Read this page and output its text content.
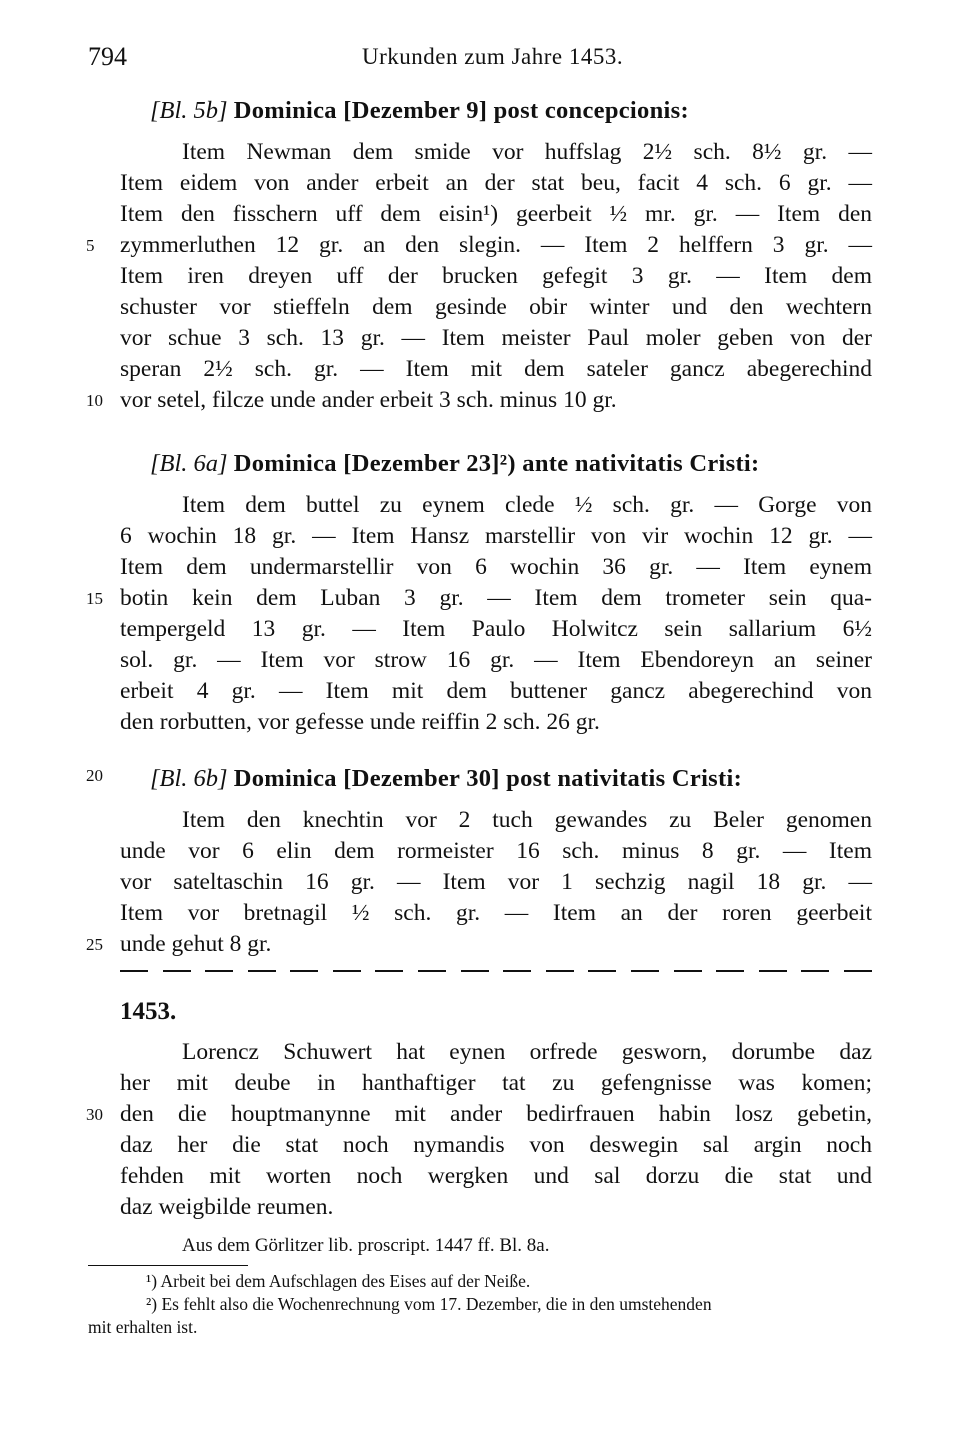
794	Urkunden zum Jahre 1453.
[Bl. 5b] Dominica [Dezember 9] post concepcionis:
Item Newman dem smide vor huffslag 2½ sch. 8½ gr. —
Item eidem von ander erbeit an der stat beu, facit 4 sch. 6 gr. —
Item den fisschern uff dem eisin¹) geerbeit ½ mr. gr. — Item den
zymmerluthen 12 gr. an den slegin. — Item 2 helffern 3 gr. —
Item iren dreyen uff der brucken gefegit 3 gr. — Item dem
schuster vor stieffeln dem gesinde obir winter und den wechtern
vor schue 3 sch. 13 gr. — Item meister Paul moler geben von der
speran 2½ sch. gr. — Item mit dem sateler gancz abegerechind
vor setel, filcze unde ander erbeit 3 sch. minus 10 gr.
[Bl. 6a] Dominica [Dezember 23]²) ante nativitatis Cristi:
Item dem buttel zu eynem clede ½ sch. gr. — Gorge von
6 wochin 18 gr. — Item Hansz marstellir von vir wochin 12 gr. —
Item dem undermarstellir von 6 wochin 36 gr. — Item eynem
botin kein dem Luban 3 gr. — Item dem trometer sein qua-
tempergeld 13 gr. — Item Paulo Holwitcz sein sallarium 6½
sol. gr. — Item vor strow 16 gr. — Item Ebendoreyn an seiner
erbeit 4 gr. — Item mit dem buttener gancz abegerechind von
den rorbutten, vor gefesse unde reiffin 2 sch. 26 gr.
[Bl. 6b] Dominica [Dezember 30] post nativitatis Cristi:
Item den knechtin vor 2 tuch gewandes zu Beler genomen
unde vor 6 elin dem rormeister 16 sch. minus 8 gr. — Item
vor sateltaschin 16 gr. — Item vor 1 sechzig nagil 18 gr. —
Item vor bretnagil ½ sch. gr. — Item an der roren geerbeit
unde gehut 8 gr.
1453.
Lorencz Schuwert hat eynen orfrede gesworn, dorumbe daz
her mit deube in hanthaftiger tat zu gefengnisse was komen;
den die houptmanynne mit ander bedirfrauen habin losz gebetin,
daz her die stat noch nymandis von deswegin sal argin noch
fehden mit worten noch wergken und sal dorzu die stat und
daz weigbilde reumen.
Aus dem Görlitzer lib. proscript. 1447 ff. Bl. 8a.
5
10
15
20
25
30
¹) Arbeit bei dem Aufschlagen des Eises auf der Neiße.
²) Es fehlt also die Wochenrechnung vom 17. Dezember, die in den umstehenden
mit erhalten ist.
